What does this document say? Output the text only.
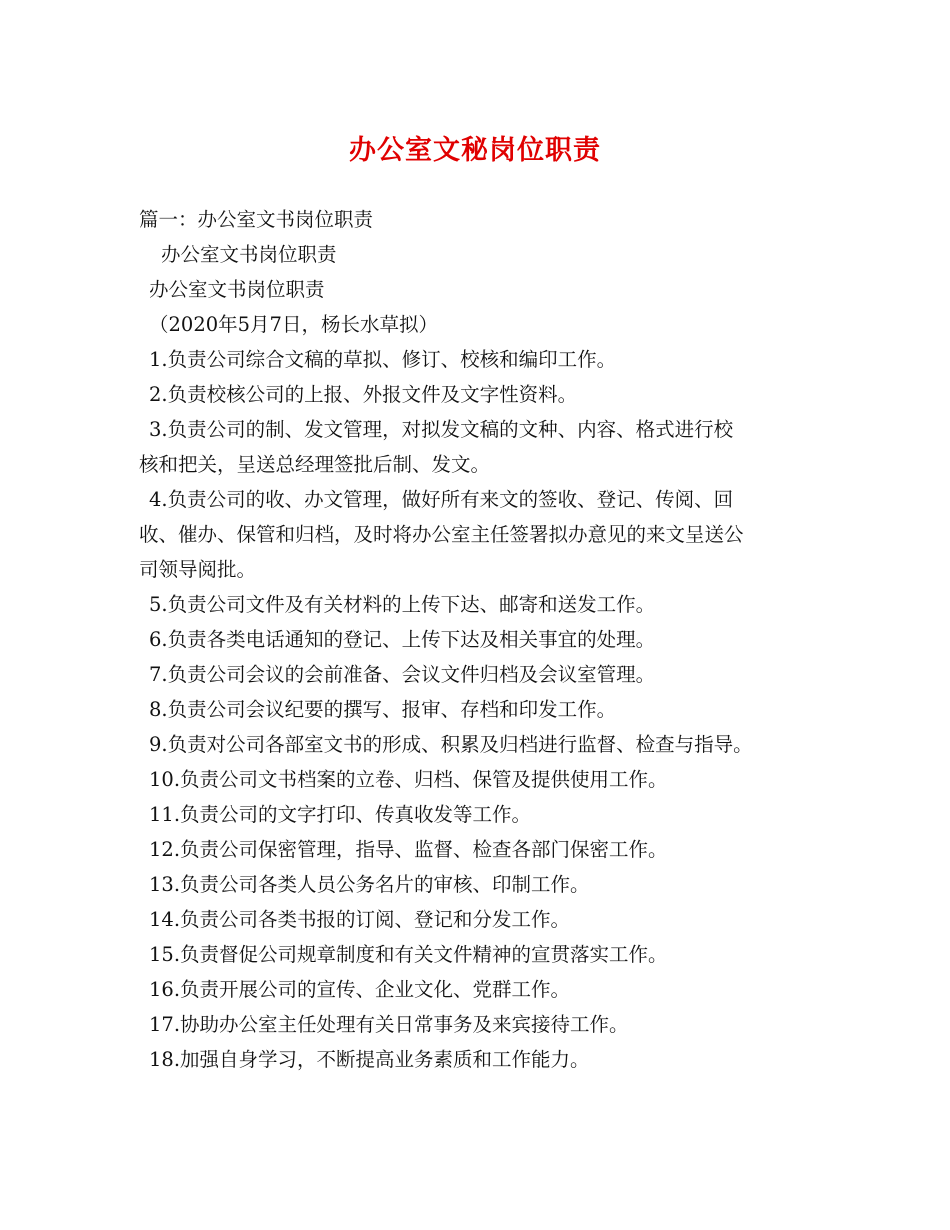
办公室文秘岗位职责

篇一：办公室文书岗位职责

办公室文书岗位职责

办公室文书岗位职责

（2020年5月7日，杨长水草拟）

1.负责公司综合文稿的草拟、修订、校核和编印工作。

2.负责校核公司的上报、外报文件及文字性资料。

3.负责公司的制、发文管理，对拟发文稿的文种、内容、格式进行校

核和把关，呈送总经理签批后制、发文。

4.负责公司的收、办文管理，做好所有来文的签收、登记、传阅、回

收、催办、保管和归档，及时将办公室主任签署拟办意见的来文呈送公

司领导阅批。

5.负责公司文件及有关材料的上传下达、邮寄和送发工作。

6.负责各类电话通知的登记、上传下达及相关事宜的处理。

7.负责公司会议的会前准备、会议文件归档及会议室管理。

8.负责公司会议纪要的撰写、报审、存档和印发工作。

9.负责对公司各部室文书的形成、积累及归档进行监督、检查与指导。

10.负责公司文书档案的立卷、归档、保管及提供使用工作。

11.负责公司的文字打印、传真收发等工作。

12.负责公司保密管理，指导、监督、检查各部门保密工作。

13.负责公司各类人员公务名片的审核、印制工作。

14.负责公司各类书报的订阅、登记和分发工作。

15.负责督促公司规章制度和有关文件精神的宣贯落实工作。

16.负责开展公司的宣传、企业文化、党群工作。

17.协助办公室主任处理有关日常事务及来宾接待工作。

18.加强自身学习，不断提高业务素质和工作能力。
